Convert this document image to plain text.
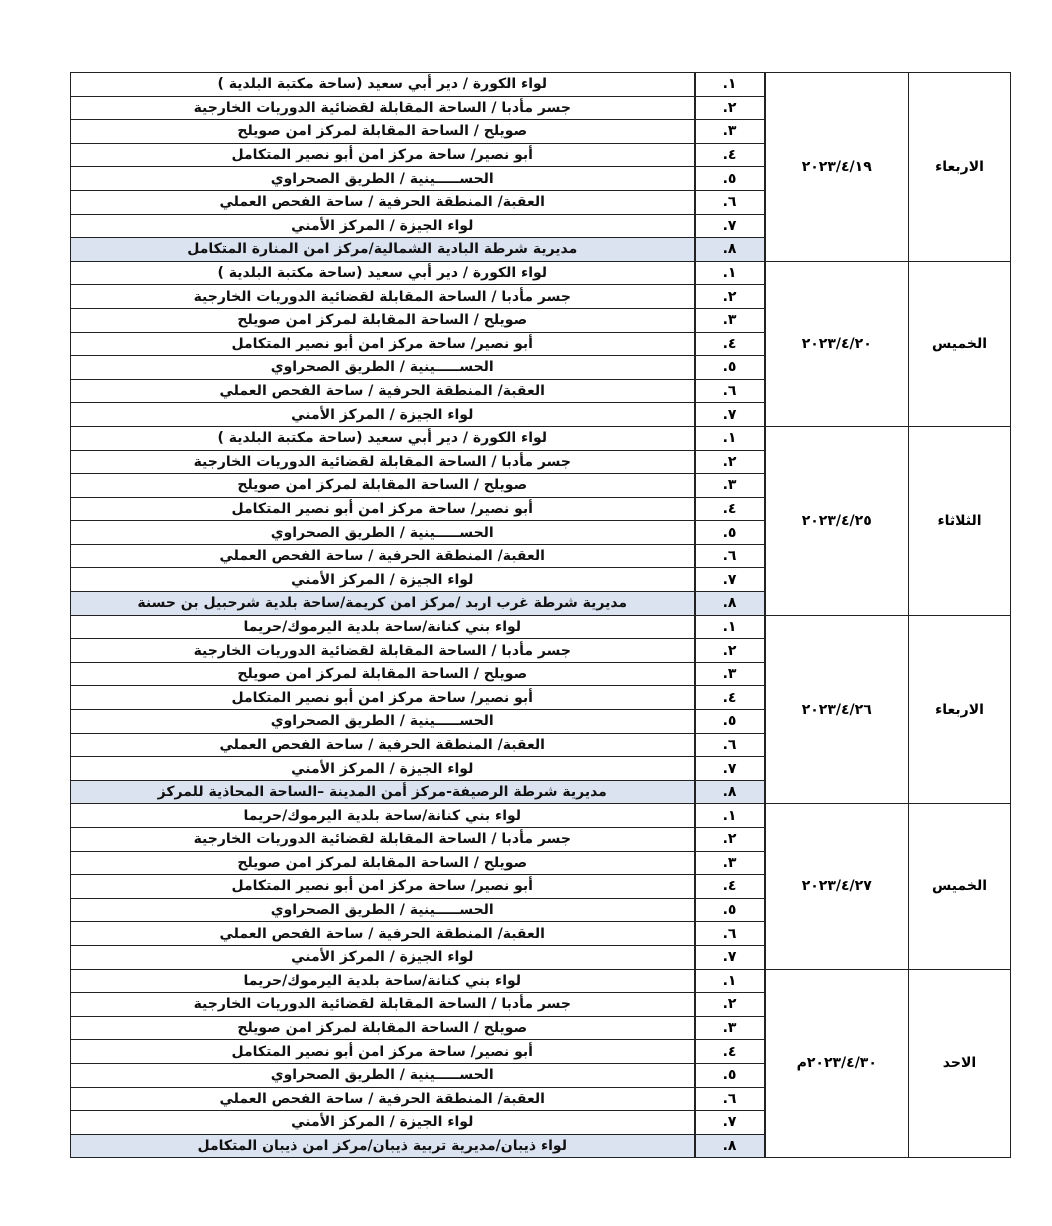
لواء الكورة / دير أبي سعيد (ساحة مكتبة البلدية )	١.	٢٠٢٣/٤/١٩	الاربعاء
جسر مأدبا / الساحة المقابلة لقضائية الدوريات الخارجية	٢.		
صويلح / الساحة المقابلة لمركز امن صويلح	٣.		
أبو نصير/ ساحة مركز امن أبو نصير المتكامل	٤.		
الحســـــينية / الطريق الصحراوي	٥.		
العقبة/ المنطقة الحرفية / ساحة الفحص العملي	٦.		
لواء الجيزة / المركز الأمني	٧.		
مديرية شرطة البادية الشمالية/مركز امن المنارة المتكامل	٨.		
لواء الكورة / دير أبي سعيد (ساحة مكتبة البلدية )	١.	٢٠٢٣/٤/٢٠	الخميس
جسر مأدبا / الساحة المقابلة لقضائية الدوريات الخارجية	٢.		
صويلح / الساحة المقابلة لمركز امن صويلح	٣.		
أبو نصير/ ساحة مركز امن أبو نصير المتكامل	٤.		
الحســـــينية / الطريق الصحراوي	٥.		
العقبة/ المنطقة الحرفية / ساحة الفحص العملي	٦.		
لواء الجيزة / المركز الأمني	٧.		
لواء الكورة / دير أبي سعيد (ساحة مكتبة البلدية )	١.	٢٠٢٣/٤/٢٥	الثلاثاء
جسر مأدبا / الساحة المقابلة لقضائية الدوريات الخارجية	٢.		
صويلح / الساحة المقابلة لمركز امن صويلح	٣.		
أبو نصير/ ساحة مركز امن أبو نصير المتكامل	٤.		
الحســـــينية / الطريق الصحراوي	٥.		
العقبة/ المنطقة الحرفية / ساحة الفحص العملي	٦.		
لواء الجيزة / المركز الأمني	٧.		
مديرية شرطة غرب اربد /مركز امن كريمة/ساحة بلدية شرحبيل بن حسنة	٨.		
لواء بني كنانة/ساحة بلدية اليرموك/حريما	١.	٢٠٢٣/٤/٢٦	الاربعاء
جسر مأدبا / الساحة المقابلة لقضائية الدوريات الخارجية	٢.		
صويلح / الساحة المقابلة لمركز امن صويلح	٣.		
أبو نصير/ ساحة مركز امن أبو نصير المتكامل	٤.		
الحســـــينية / الطريق الصحراوي	٥.		
العقبة/ المنطقة الحرفية / ساحة الفحص العملي	٦.		
لواء الجيزة / المركز الأمني	٧.		
مديرية شرطة الرصيفة-مركز أمن المدينة –الساحة المحاذية للمركز	٨.		
لواء بني كنانة/ساحة بلدية اليرموك/حريما	١.	٢٠٢٣/٤/٢٧	الخميس
جسر مأدبا / الساحة المقابلة لقضائية الدوريات الخارجية	٢.		
صويلح / الساحة المقابلة لمركز امن صويلح	٣.		
أبو نصير/ ساحة مركز امن أبو نصير المتكامل	٤.		
الحســـــينية / الطريق الصحراوي	٥.		
العقبة/ المنطقة الحرفية / ساحة الفحص العملي	٦.		
لواء الجيزة / المركز الأمني	٧.		
لواء بني كنانة/ساحة بلدية اليرموك/حريما	١.	٢٠٢٣/٤/٣٠م	الاحد
جسر مأدبا / الساحة المقابلة لقضائية الدوريات الخارجية	٢.		
صويلح / الساحة المقابلة لمركز امن صويلح	٣.		
أبو نصير/ ساحة مركز امن أبو نصير المتكامل	٤.		
الحســـــينية / الطريق الصحراوي	٥.		
العقبة/ المنطقة الحرفية / ساحة الفحص العملي	٦.		
لواء الجيزة / المركز الأمني	٧.		
لواء ذيبان/مديرية تربية ذيبان/مركز امن ذيبان المتكامل	٨.		
